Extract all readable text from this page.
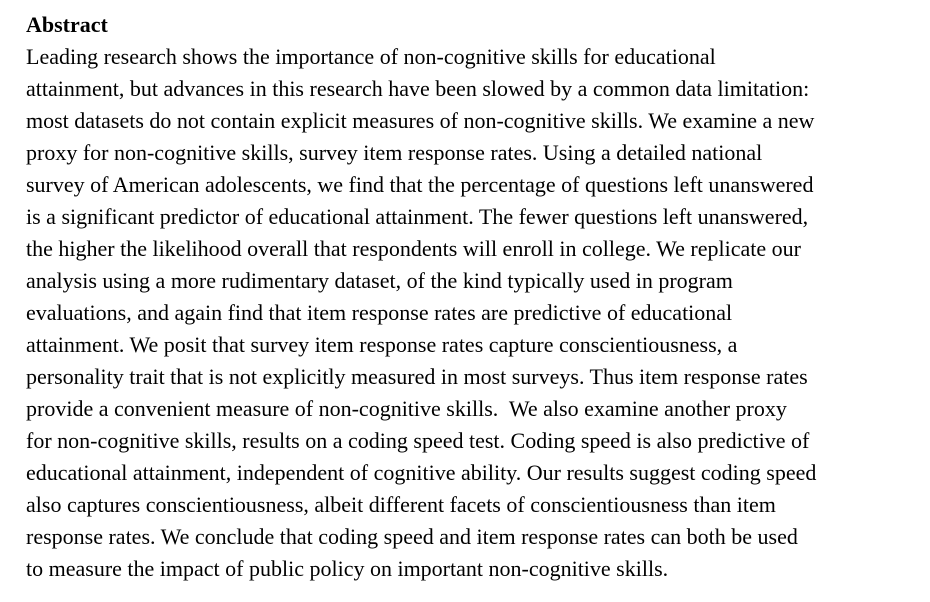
Abstract
Leading research shows the importance of non-cognitive skills for educational
attainment, but advances in this research have been slowed by a common data limitation:
most datasets do not contain explicit measures of non-cognitive skills. We examine a new
proxy for non-cognitive skills, survey item response rates. Using a detailed national
survey of American adolescents, we find that the percentage of questions left unanswered
is a significant predictor of educational attainment. The fewer questions left unanswered,
the higher the likelihood overall that respondents will enroll in college. We replicate our
analysis using a more rudimentary dataset, of the kind typically used in program
evaluations, and again find that item response rates are predictive of educational
attainment. We posit that survey item response rates capture conscientiousness, a
personality trait that is not explicitly measured in most surveys. Thus item response rates
provide a convenient measure of non-cognitive skills.  We also examine another proxy
for non-cognitive skills, results on a coding speed test. Coding speed is also predictive of
educational attainment, independent of cognitive ability. Our results suggest coding speed
also captures conscientiousness, albeit different facets of conscientiousness than item
response rates. We conclude that coding speed and item response rates can both be used
to measure the impact of public policy on important non-cognitive skills.
